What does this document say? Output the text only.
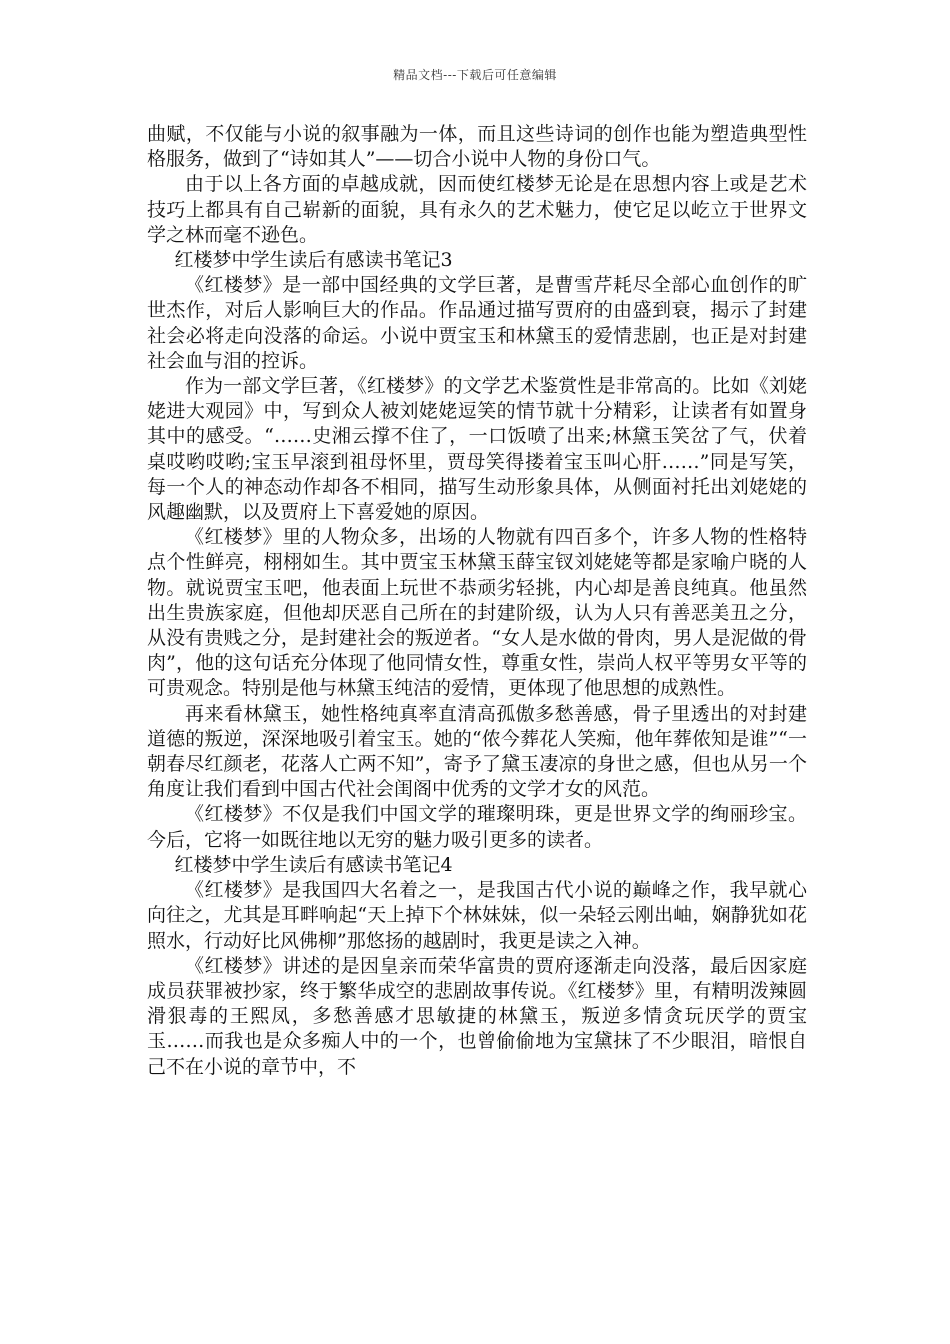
精品文档---下载后可任意编辑

曲赋，不仅能与小说的叙事融为一体，而且这些诗词的创作也能为塑造典型性格服务，做到了“诗如其人”——切合小说中人物的身份口气。

由于以上各方面的卓越成就，因而使红楼梦无论是在思想内容上或是艺术技巧上都具有自己崭新的面貌，具有永久的艺术魅力，使它足以屹立于世界文学之林而毫不逊色。

红楼梦中学生读后有感读书笔记3

《红楼梦》是一部中国经典的文学巨著，是曹雪芹耗尽全部心血创作的旷世杰作，对后人影响巨大的作品。作品通过描写贾府的由盛到衰，揭示了封建社会必将走向没落的命运。小说中贾宝玉和林黛玉的爱情悲剧，也正是对封建社会血与泪的控诉。

作为一部文学巨著，《红楼梦》的文学艺术鉴赏性是非常高的。比如《刘姥姥进大观园》中，写到众人被刘姥姥逗笑的情节就十分精彩，让读者有如置身其中的感受。“……史湘云撑不住了，一口饭喷了出来;林黛玉笑岔了气，伏着桌哎哟哎哟;宝玉早滚到祖母怀里，贾母笑得搂着宝玉叫心肝……”同是写笑，每一个人的神态动作却各不相同，描写生动形象具体，从侧面衬托出刘姥姥的风趣幽默，以及贾府上下喜爱她的原因。

《红楼梦》里的人物众多，出场的人物就有四百多个，许多人物的性格特点个性鲜亮，栩栩如生。其中贾宝玉林黛玉薛宝钗刘姥姥等都是家喻户晓的人物。就说贾宝玉吧，他表面上玩世不恭顽劣轻挑，内心却是善良纯真。他虽然出生贵族家庭，但他却厌恶自己所在的封建阶级，认为人只有善恶美丑之分，从没有贵贱之分，是封建社会的叛逆者。“女人是水做的骨肉，男人是泥做的骨肉”，他的这句话充分体现了他同情女性，尊重女性，崇尚人权平等男女平等的可贵观念。特别是他与林黛玉纯洁的爱情，更体现了他思想的成熟性。

再来看林黛玉，她性格纯真率直清高孤傲多愁善感，骨子里透出的对封建道德的叛逆，深深地吸引着宝玉。她的“侬今葬花人笑痴，他年葬侬知是谁”“一朝春尽红颜老，花落人亡两不知”，寄予了黛玉凄凉的身世之感，但也从另一个角度让我们看到中国古代社会闺阁中优秀的文学才女的风范。

《红楼梦》不仅是我们中国文学的璀璨明珠，更是世界文学的绚丽珍宝。今后，它将一如既往地以无穷的魅力吸引更多的读者。

红楼梦中学生读后有感读书笔记4

《红楼梦》是我国四大名着之一，是我国古代小说的巅峰之作，我早就心向往之，尤其是耳畔响起“天上掉下个林妹妹，似一朵轻云刚出岫，娴静犹如花照水，行动好比风佛柳”那悠扬的越剧时，我更是读之入神。

《红楼梦》讲述的是因皇亲而荣华富贵的贾府逐渐走向没落，最后因家庭成员获罪被抄家，终于繁华成空的悲剧故事传说。《红楼梦》里，有精明泼辣圆滑狠毒的王熙凤，多愁善感才思敏捷的林黛玉，叛逆多情贪玩厌学的贾宝玉……而我也是众多痴人中的一个，也曾偷偷地为宝黛抹了不少眼泪，暗恨自己不在小说的章节中，不
